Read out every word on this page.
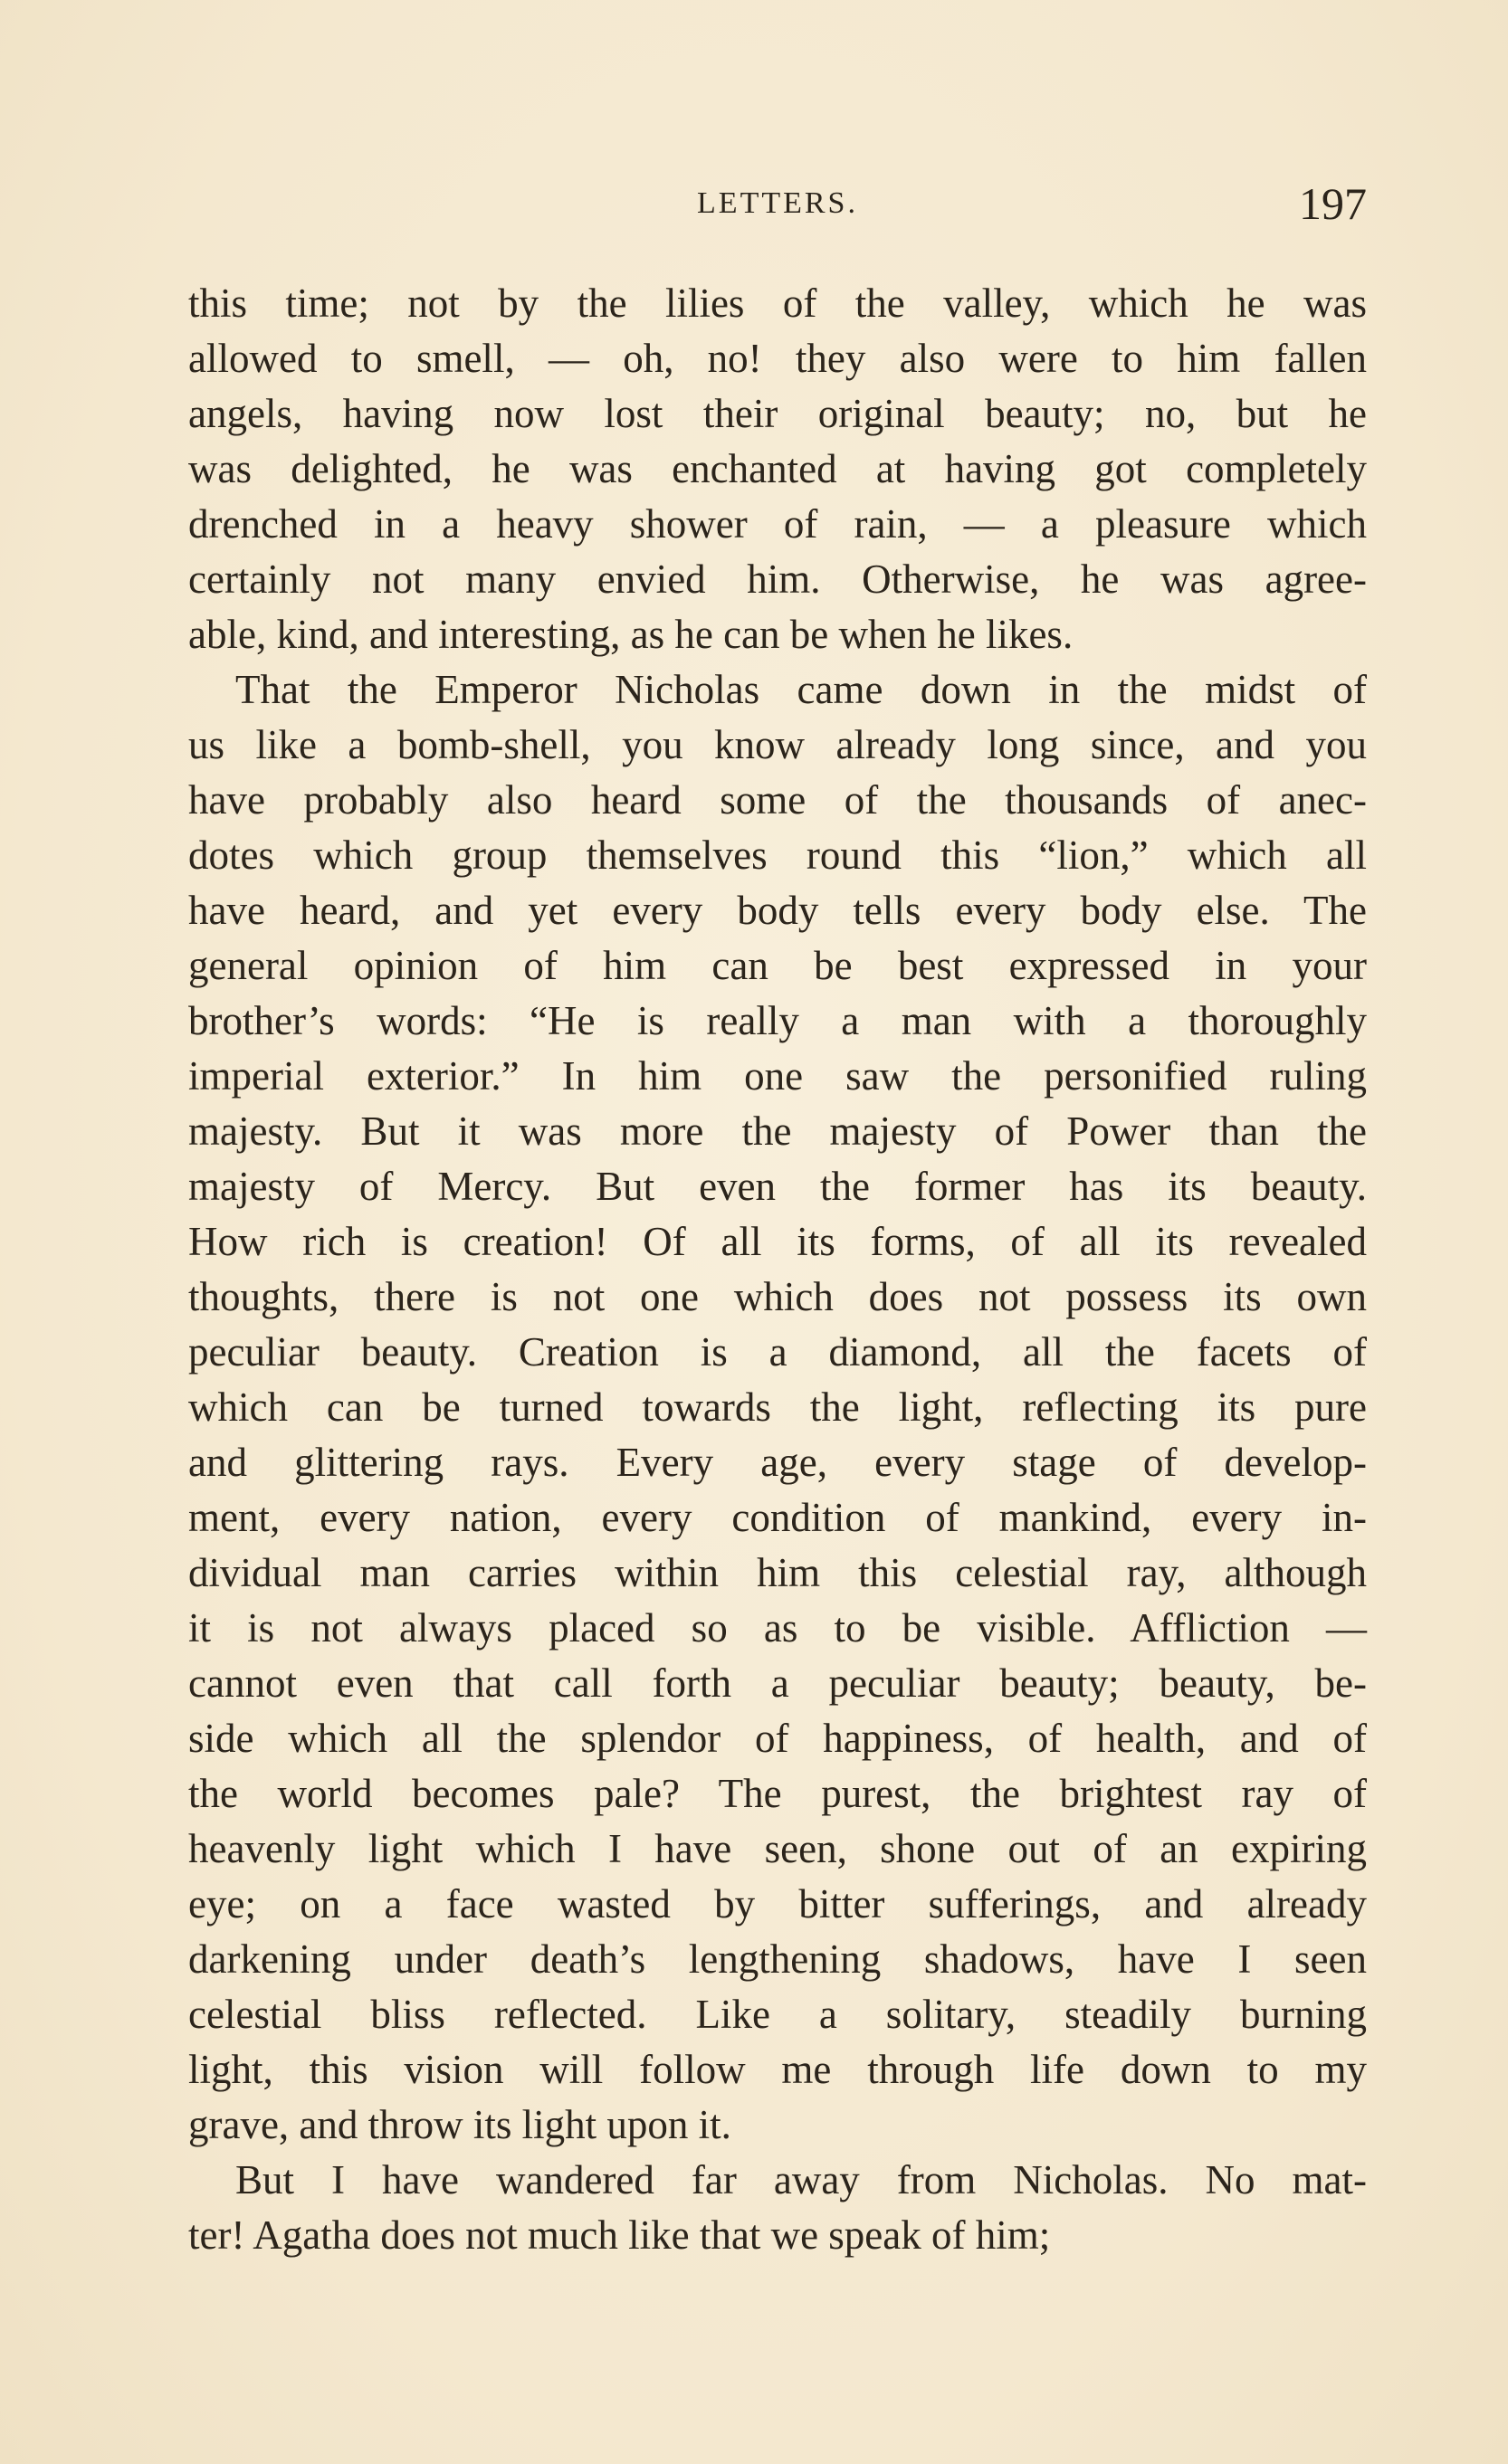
LETTERS.	197
this time; not by the lilies of the valley, which he was
allowed to smell, — oh, no! they also were to him fallen
angels, having now lost their original beauty; no, but he
was delighted, he was enchanted at having got completely
drenched in a heavy shower of rain, — a pleasure which
certainly not many envied him. Otherwise, he was agree-
able, kind, and interesting, as he can be when he likes.
That the Emperor Nicholas came down in the midst of
us like a bomb-shell, you know already long since, and you
have probably also heard some of the thousands of anec-
dotes which group themselves round this “lion,” which all
have heard, and yet every body tells every body else. The
general opinion of him can be best expressed in your
brother’s words: “He is really a man with a thoroughly
imperial exterior.” In him one saw the personified ruling
majesty. But it was more the majesty of Power than the
majesty of Mercy. But even the former has its beauty.
How rich is creation! Of all its forms, of all its revealed
thoughts, there is not one which does not possess its own
peculiar beauty. Creation is a diamond, all the facets of
which can be turned towards the light, reflecting its pure
and glittering rays. Every age, every stage of develop-
ment, every nation, every condition of mankind, every in-
dividual man carries within him this celestial ray, although
it is not always placed so as to be visible. Affliction —
cannot even that call forth a peculiar beauty; beauty, be-
side which all the splendor of happiness, of health, and of
the world becomes pale? The purest, the brightest ray of
heavenly light which I have seen, shone out of an expiring
eye; on a face wasted by bitter sufferings, and already
darkening under death’s lengthening shadows, have I seen
celestial bliss reflected. Like a solitary, steadily burning
light, this vision will follow me through life down to my
grave, and throw its light upon it.
But I have wandered far away from Nicholas. No mat-
ter! Agatha does not much like that we speak of him;
